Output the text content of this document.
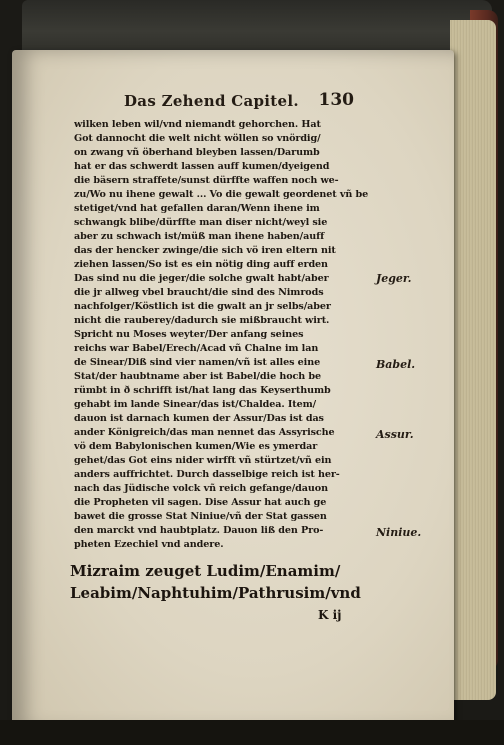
Das Zehend Capitel. 130
wilken leben wil/vnd niemandt gehorchen. Hat
Got dannocht die welt nicht wöllen so vnördig/
on zwang vñ öberhand bleyben lassen/Darumb
hat er das schwerdt lassen auff kumen/dyeigend
die bäsern straffete/sunst dürffte waffen noch we-
zu/Wo nu ihene gewalt ... Vo die gewalt geordenet vñ be
stetiget/vnd hat gefallen daran/Wenn ihene im
schwangk blibe/dürffte man diser nicht/weyl sie
aber zu schwach ist/müß man ihene haben/auff
das der hencker zwinge/die sich vö iren eltern nit
ziehen lassen/So ist es ein nötig ding auff erden
Das sind nu die jeger/die solche gwalt habt/aber
die jr allweg vbel braucht/die sind des Nimrods
nachfolger/Köstlich ist die gwalt an jr selbs/aber
nicht die rauberey/dadurch sie mißbraucht wirt.
Spricht nu Moses weyter/Der anfang seines
reichs war Babel/Erech/Acad vñ Chalne im lan
de Sinear/Diß sind vier namen/vñ ist alles eine
Stat/der haubtname aber ist Babel/die hoch be
rümbt in ð schrifft ist/hat lang das Keyserthumb
gehabt im lande Sinear/das ist/Chaldea. Item/
dauon ist darnach kumen der Assur/Das ist das
ander Königreich/das man nennet das Assyrische
vö dem Babylonischen kumen/Wie es ymerdar
gehet/das Got eins nider wirfft vñ stürtzet/vñ ein
anders auffrichtet. Durch dasselbige reich ist her-
nach das Jüdische volck vñ reich gefange/dauon
die Propheten vil sagen. Dise Assur hat auch ge
bawet die grosse Stat Niniue/vñ der Stat gassen
den marckt vnd haubtplatz. Dauon liß den Pro-
pheten Ezechiel vnd andere.
Jeger.
Babel.
Assur.
Niniue.
Mizraim zeuget Ludim/Enamim/
Leabim/Naphtuhim/Pathrusim/vnd
K ij
